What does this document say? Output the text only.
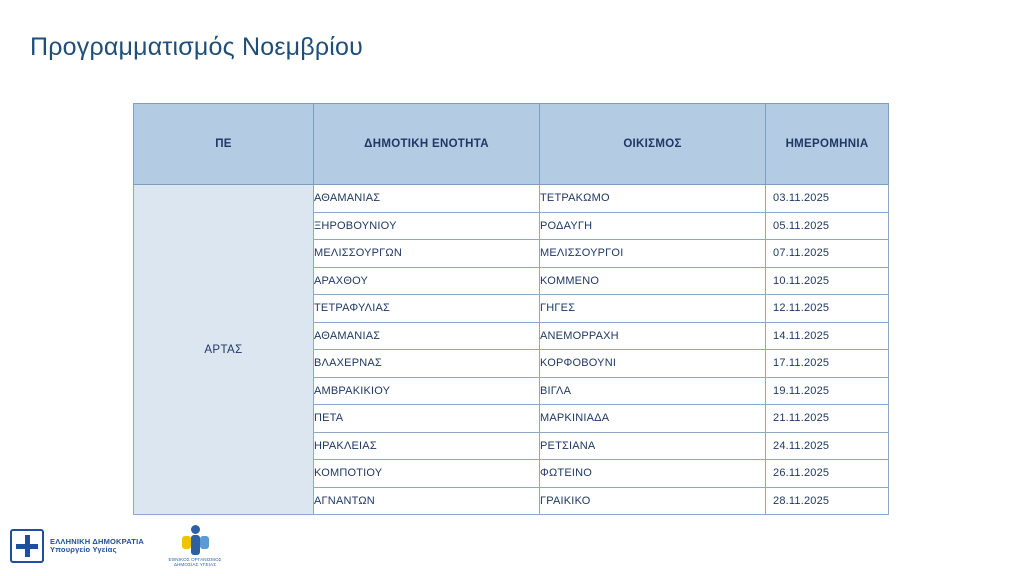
Προγραμματισμός Νοεμβρίου
ΠΕ	ΔΗΜΟΤΙΚΗ ΕΝΟΤΗΤΑ	ΟΙΚΙΣΜΟΣ	ΗΜΕΡΟΜΗΝΙΑ
ΑΡΤΑΣ	ΑΘΑΜΑΝΙΑΣ	ΤΕΤΡΑΚΩΜΟ	03.11.2025
	ΞΗΡΟΒΟΥΝΙΟΥ	ΡΟΔΑΥΓΗ	05.11.2025
	ΜΕΛΙΣΣΟΥΡΓΩΝ	ΜΕΛΙΣΣΟΥΡΓΟΙ	07.11.2025
	ΑΡΑΧΘΟΥ	ΚΟΜΜΕΝΟ	10.11.2025
	ΤΕΤΡΑΦΥΛΙΑΣ	ΓΗΓΕΣ	12.11.2025
	ΑΘΑΜΑΝΙΑΣ	ΑΝΕΜΟΡΡΑΧΗ	14.11.2025
	ΒΛΑΧΕΡΝΑΣ	ΚΟΡΦΟΒΟΥΝΙ	17.11.2025
	ΑΜΒΡΑΚΙΚΙΟΥ	ΒΙΓΛΑ	19.11.2025
	ΠΕΤΑ	ΜΑΡΚΙΝΙΑΔΑ	21.11.2025
	ΗΡΑΚΛΕΙΑΣ	ΡΕΤΣΙΑΝΑ	24.11.2025
	ΚΟΜΠΟΤΙΟΥ	ΦΩΤΕΙΝΟ	26.11.2025
	ΑΓΝΑΝΤΩΝ	ΓΡΑΙΚΙΚΟ	28.11.2025
ΕΛΛΗΝΙΚΗ ΔΗΜΟΚΡΑΤΙΑ
Υπουργείο Υγείας
ΕΘΝΙΚΟΣ ΟΡΓΑΝΙΣΜΟΣ ΔΗΜΟΣΙΑΣ ΥΓΕΙΑΣ
